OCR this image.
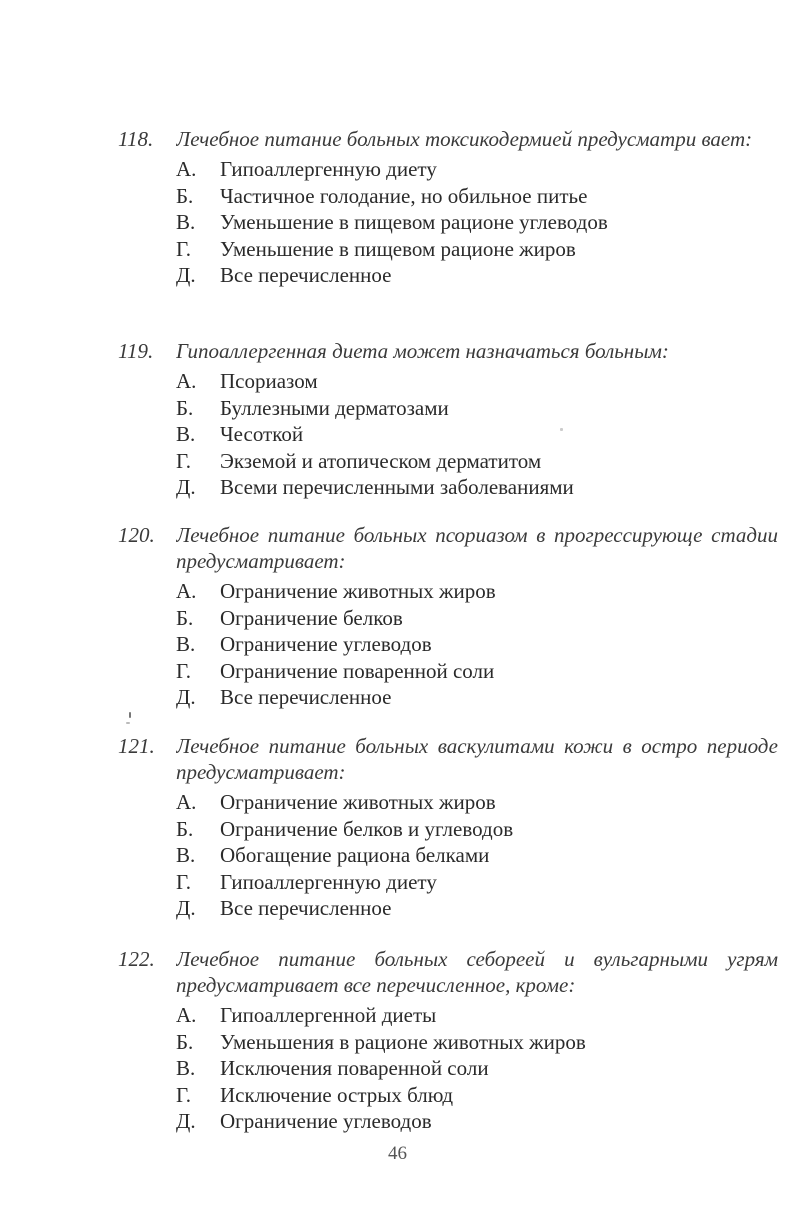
118.	Лечебное питание больных токсикодермией предусматри вает:
А.	Гипоаллергенную диету
Б.	Частичное голодание, но обильное питье
В.	Уменьшение в пищевом рационе углеводов
Г.	Уменьшение в пищевом рационе жиров
Д.	Все перечисленное
119.	Гипоаллергенная диета может назначаться больным:
А.	Псориазом
Б.	Буллезными дерматозами
В.	Чесоткой
Г.	Экземой и атопическом дерматитом
Д.	Всеми перечисленными заболеваниями
120.	Лечебное питание больных псориазом в прогрессирующе стадии предусматривает:
А.	Ограничение животных жиров
Б.	Ограничение белков
В.	Ограничение углеводов
Г.	Ограничение поваренной соли
Д.	Все перечисленное
121.	Лечебное питание больных васкулитами кожи в остро периоде предусматривает:
А.	Ограничение животных жиров
Б.	Ограничение белков и углеводов
В.	Обогащение рациона белками
Г.	Гипоаллергенную диету
Д.	Все перечисленное
122.	Лечебное питание больных себореей и вульгарными угрям предусматривает все перечисленное, кроме:
А.	Гипоаллергенной диеты
Б.	Уменьшения в рационе животных жиров
В.	Исключения поваренной соли
Г.	Исключение острых блюд
Д.	Ограничение углеводов
46
